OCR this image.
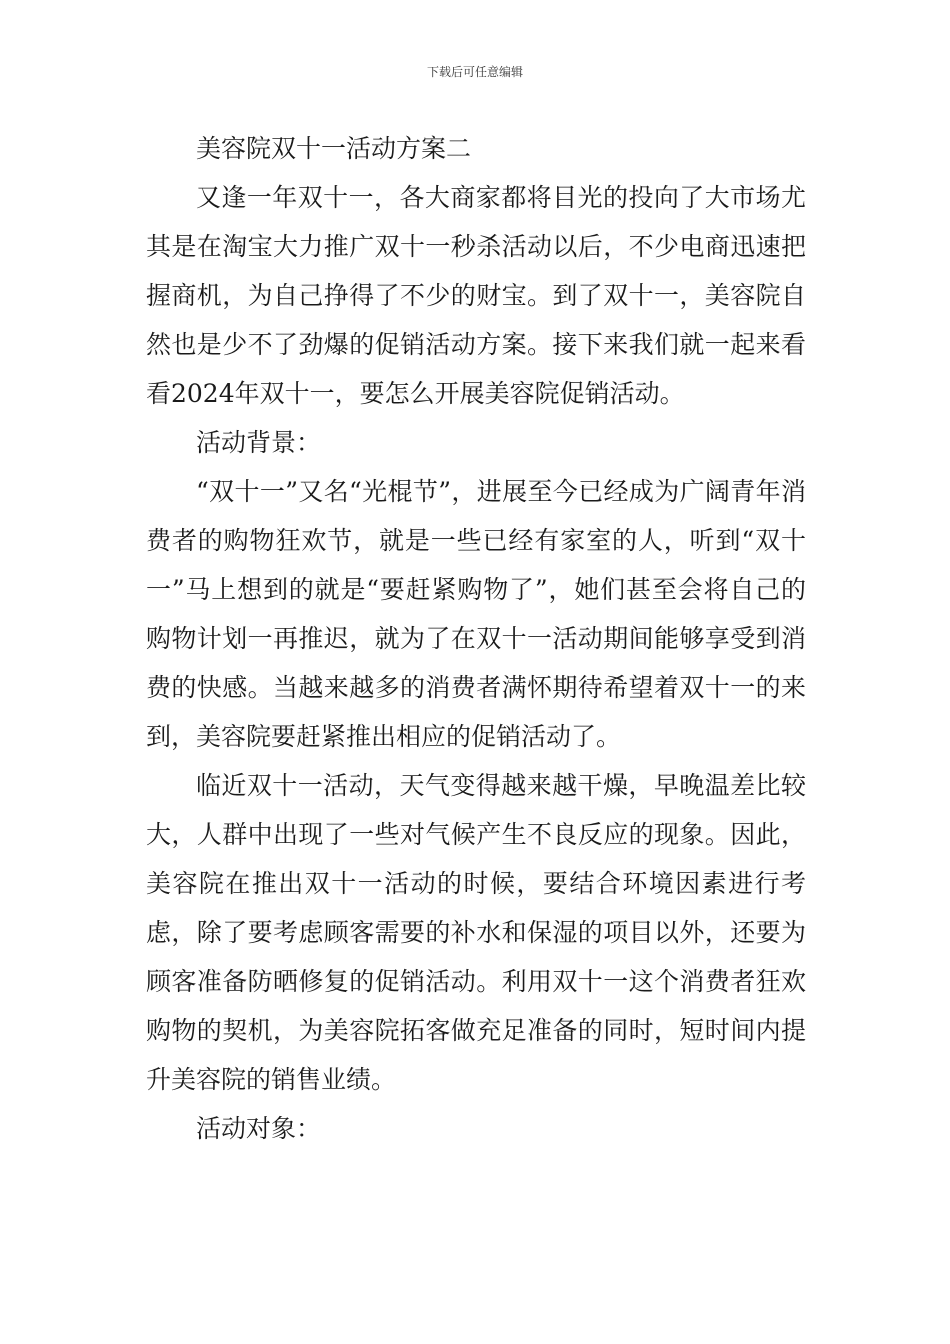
下载后可任意编辑

美容院双十一活动方案二

又逢一年双十一，各大商家都将目光的投向了大市场尤其是在淘宝大力推广双十一秒杀活动以后，不少电商迅速把握商机，为自己挣得了不少的财宝。到了双十一，美容院自然也是少不了劲爆的促销活动方案。接下来我们就一起来看看2024年双十一，要怎么开展美容院促销活动。

活动背景：

“双十一”又名“光棍节”，进展至今已经成为广阔青年消费者的购物狂欢节，就是一些已经有家室的人，听到“双十一”马上想到的就是“要赶紧购物了”，她们甚至会将自己的购物计划一再推迟，就为了在双十一活动期间能够享受到消费的快感。当越来越多的消费者满怀期待希望着双十一的来到，美容院要赶紧推出相应的促销活动了。

临近双十一活动，天气变得越来越干燥，早晚温差比较大，人群中出现了一些对气候产生不良反应的现象。因此，美容院在推出双十一活动的时候，要结合环境因素进行考虑，除了要考虑顾客需要的补水和保湿的项目以外，还要为顾客准备防晒修复的促销活动。利用双十一这个消费者狂欢购物的契机，为美容院拓客做充足准备的同时，短时间内提升美容院的销售业绩。

活动对象：
